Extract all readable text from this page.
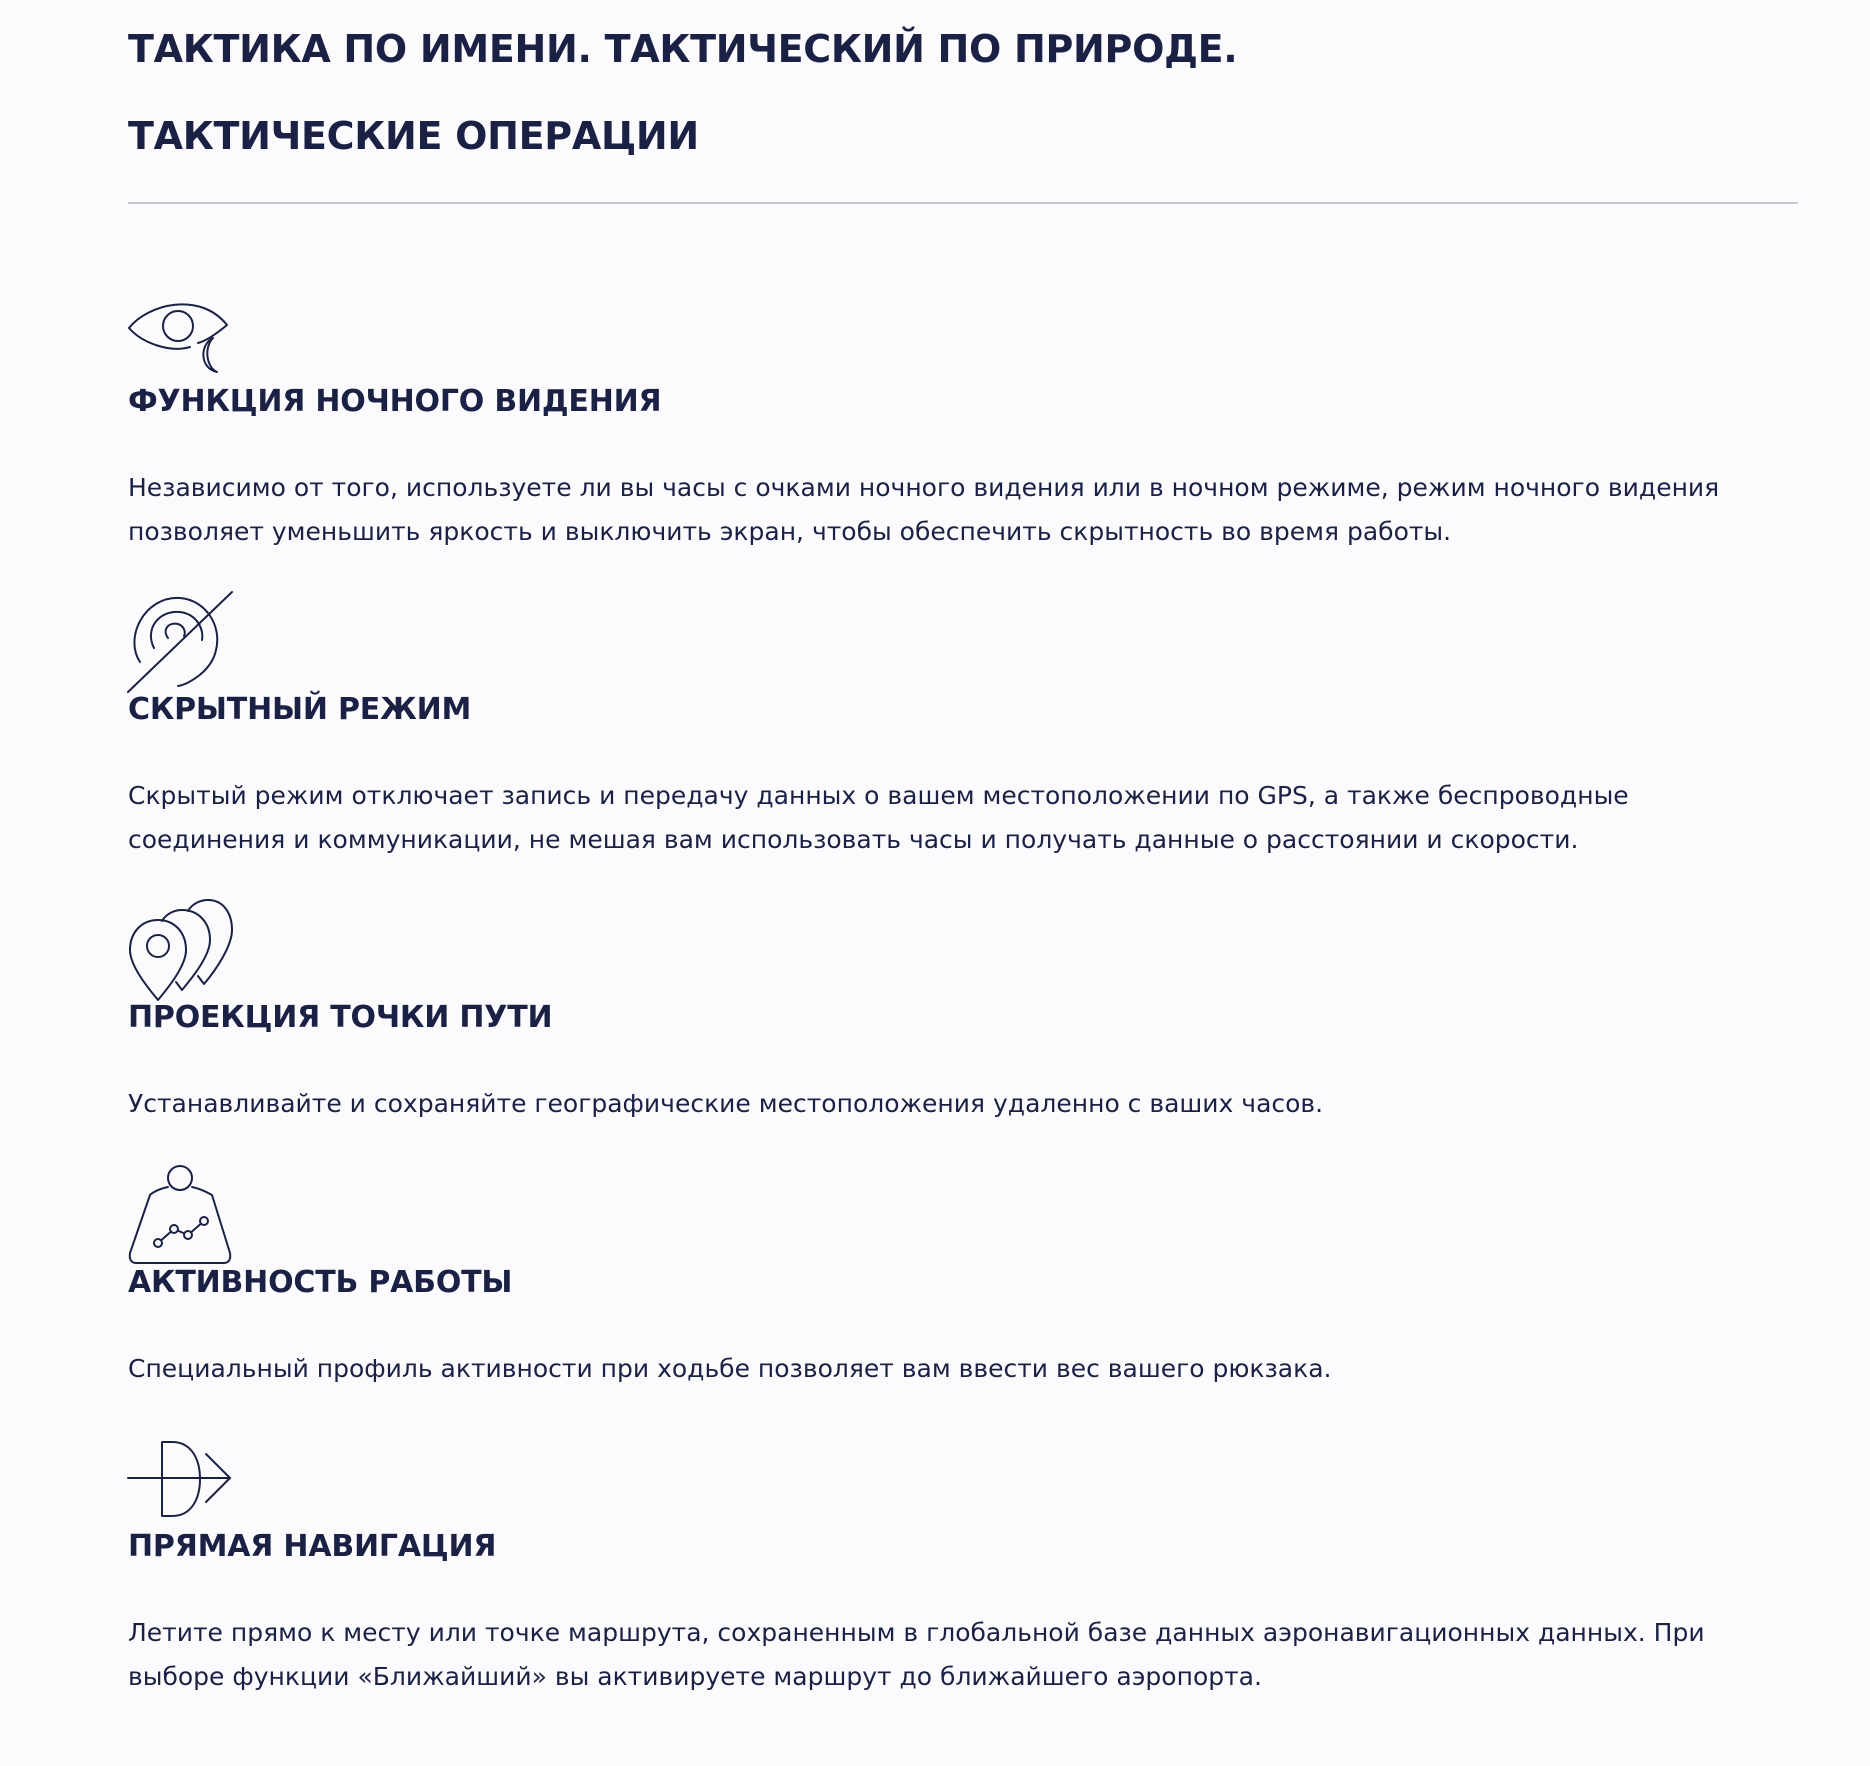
ТАКТИКА ПО ИМЕНИ. ТАКТИЧЕСКИЙ ПО ПРИРОДЕ.
ТАКТИЧЕСКИЕ ОПЕРАЦИИ
ФУНКЦИЯ НОЧНОГО ВИДЕНИЯ

Независимо от того, используете ли вы часы с очками ночного видения или в ночном режиме, режим ночного видения позволяет уменьшить яркость и выключить экран, чтобы обеспечить скрытность во время работы.

СКРЫТНЫЙ РЕЖИМ

Скрытый режим отключает запись и передачу данных о вашем местоположении по GPS, а также беспроводные соединения и коммуникации, не мешая вам использовать часы и получать данные о расстоянии и скорости.

ПРОЕКЦИЯ ТОЧКИ ПУТИ

Устанавливайте и сохраняйте географические местоположения удаленно с ваших часов.

АКТИВНОСТЬ РАБОТЫ

Специальный профиль активности при ходьбе позволяет вам ввести вес вашего рюкзака.

ПРЯМАЯ НАВИГАЦИЯ

Летите прямо к месту или точке маршрута, сохраненным в глобальной базе данных аэронавигационных данных. При выборе функции «Ближайший» вы активируете маршрут до ближайшего аэропорта.
